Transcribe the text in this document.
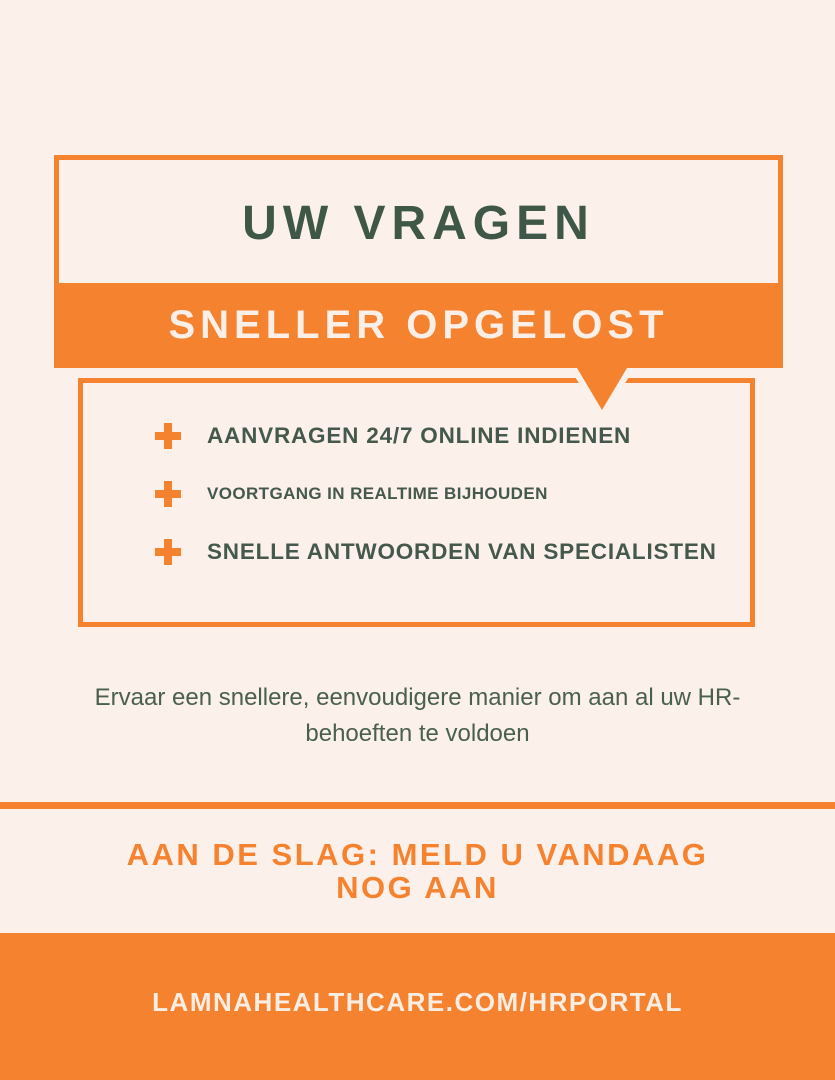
UW VRAGEN
SNELLER OPGELOST
AANVRAGEN 24/7 ONLINE INDIENEN
VOORTGANG IN REALTIME BIJHOUDEN
SNELLE ANTWOORDEN VAN SPECIALISTEN
Ervaar een snellere, eenvoudigere manier om aan al uw HR-
behoeften te voldoen
AAN DE SLAG: MELD U VANDAAG
NOG AAN
LAMNAHEALTHCARE.COM/HRPORTAL
